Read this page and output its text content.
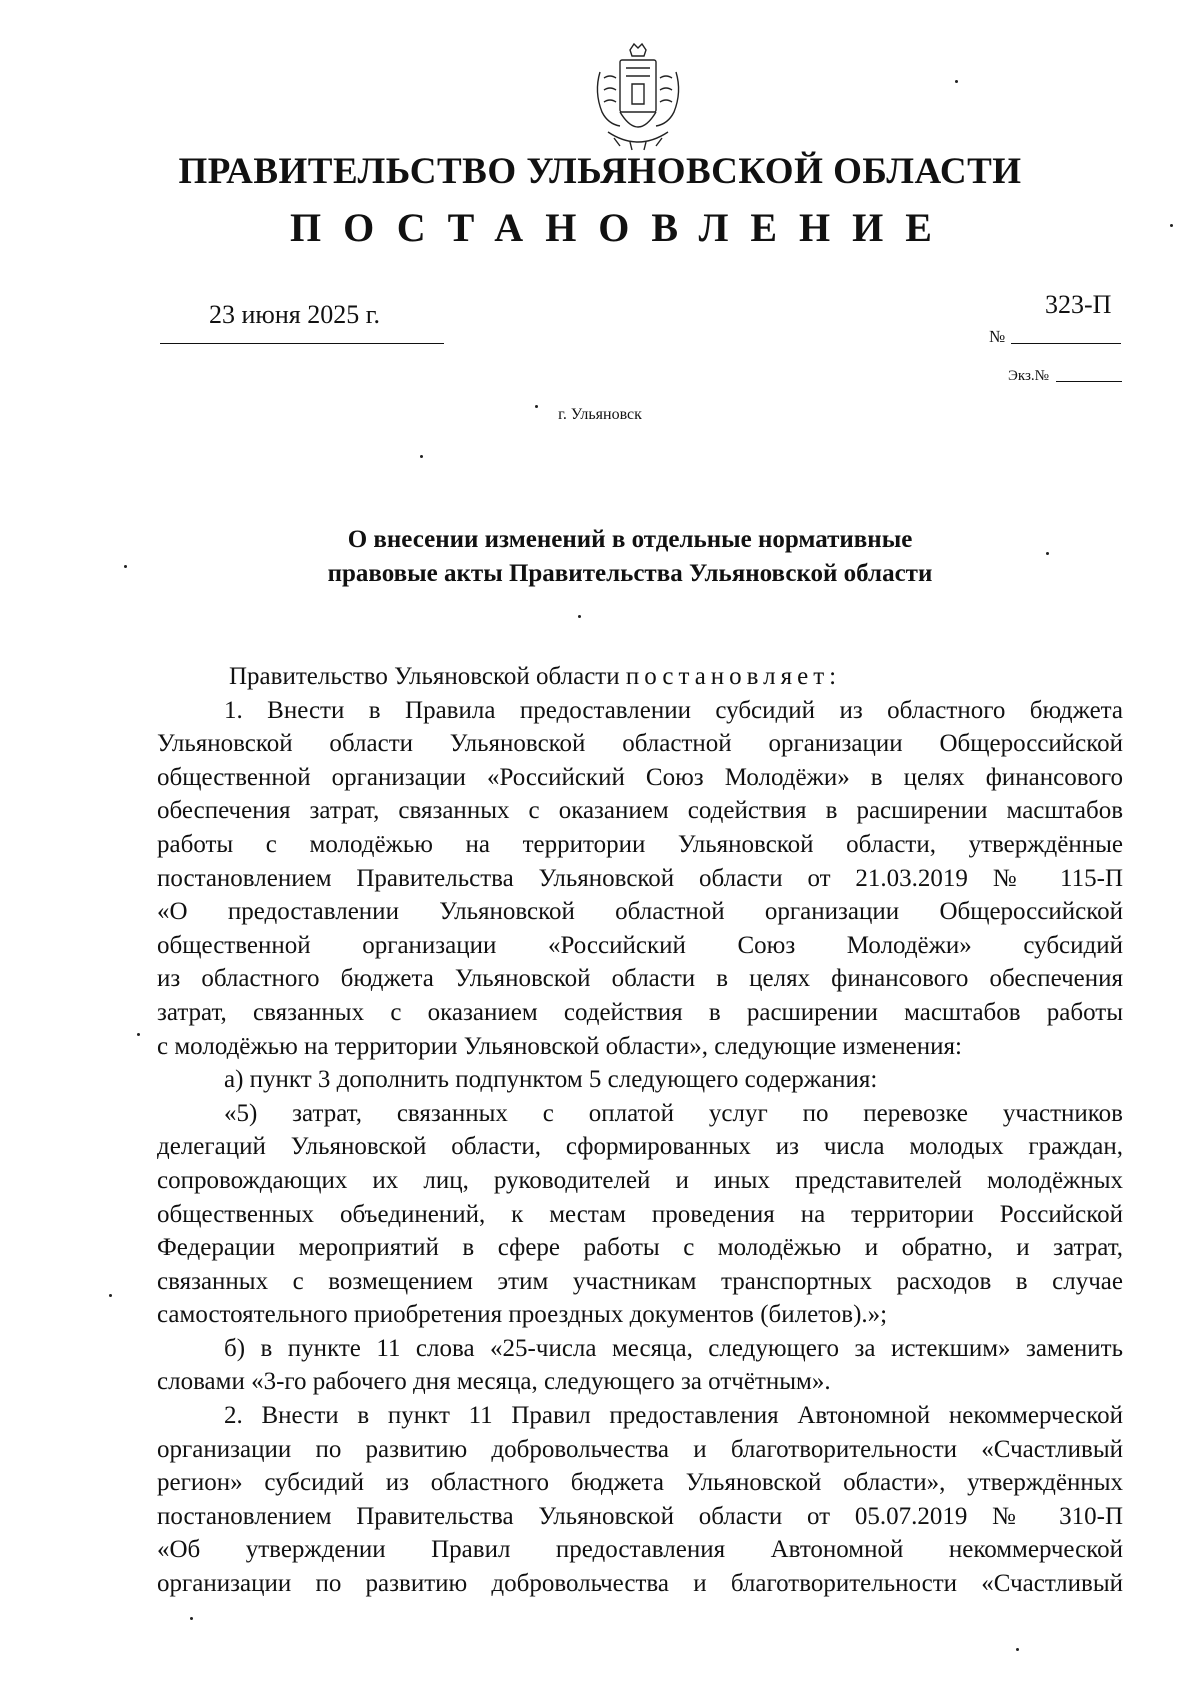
ПРАВИТЕЛЬСТВО УЛЬЯНОВСКОЙ ОБЛАСТИ
ПОСТАНОВЛЕНИЕ
23 июня 2025 г.	323-П
№
Экз.№
г. Ульяновск
О внесении изменений в отдельные нормативные
правовые акты Правительства Ульяновской области
Правительство Ульяновской области постановляет:
1. Внести в Правила предоставлении субсидий из областного бюджета
Ульяновской области Ульяновской областной организации Общероссийской
общественной организации «Российский Союз Молодёжи» в целях финансового
обеспечения затрат, связанных с оказанием содействия в расширении масштабов
работы с молодёжью на территории Ульяновской области, утверждённые
постановлением Правительства Ульяновской области от 21.03.2019 № 115-П
«О предоставлении Ульяновской областной организации Общероссийской
общественной организации «Российский Союз Молодёжи» субсидий
из областного бюджета Ульяновской области в целях финансового обеспечения
затрат, связанных с оказанием содействия в расширении масштабов работы
с молодёжью на территории Ульяновской области», следующие изменения:
а) пункт 3 дополнить подпунктом 5 следующего содержания:
«5) затрат, связанных с оплатой услуг по перевозке участников
делегаций Ульяновской области, сформированных из числа молодых граждан,
сопровождающих их лиц, руководителей и иных представителей молодёжных
общественных объединений, к местам проведения на территории Российской
Федерации мероприятий в сфере работы с молодёжью и обратно, и затрат,
связанных с возмещением этим участникам транспортных расходов в случае
самостоятельного приобретения проездных документов (билетов).»;
б) в пункте 11 слова «25-числа месяца, следующего за истекшим» заменить
словами «3-го рабочего дня месяца, следующего за отчётным».
2. Внести в пункт 11 Правил предоставления Автономной некоммерческой
организации по развитию добровольчества и благотворительности «Счастливый
регион» субсидий из областного бюджета Ульяновской области», утверждённых
постановлением Правительства Ульяновской области от 05.07.2019 № 310-П
«Об утверждении Правил предоставления Автономной некоммерческой
организации по развитию добровольчества и благотворительности «Счастливый
